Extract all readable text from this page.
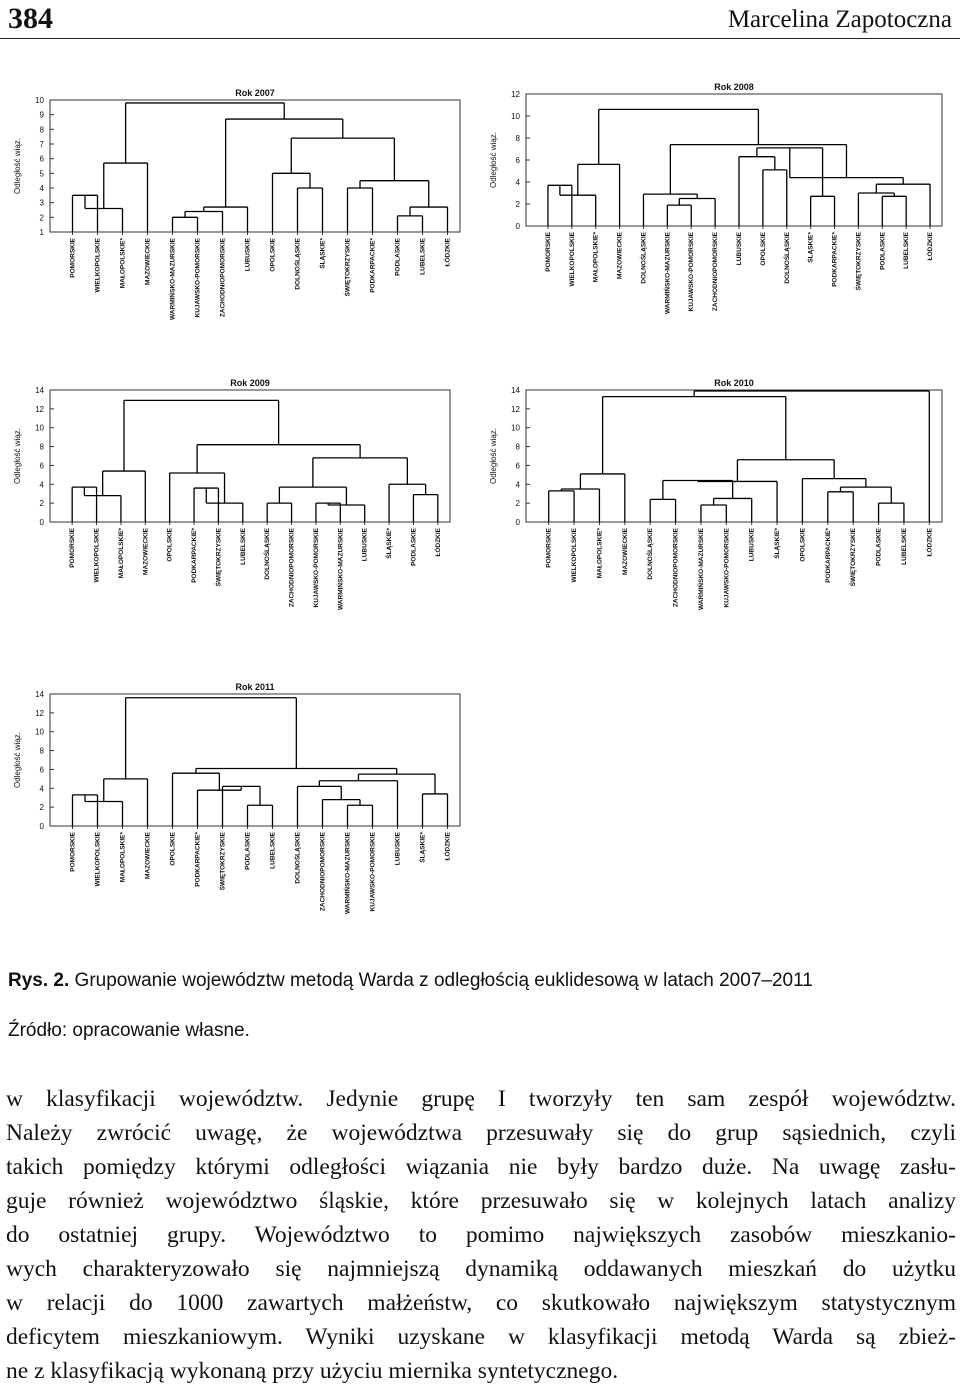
384	Marcelina Zapotoczna
Rok 2007
1
2
3
4
5
6
7
8
9
10
Odległość wiąz.
POMORSKIE	WIELKOPOLSKIE	MAŁOPOLSKIE*	MAZOWIECKIE	WARMIŃSKO-MAZURSKIE	KUJAWSKO-POMORSKIE	ZACHODNIOPOMORSKIE	LUBUSKIE	OPOLSKIE	DOLNOŚLĄSKIE	ŚLĄSKIE*	ŚWIĘTOKRZYSKIE	PODKARPACKIE*	PODLASKIE	LUBELSKIE	ŁÓDZKIE
Rok 2008
0
2
4
6
8
10
12
Odległość wiąz.
POMORSKIE	WIELKOPOLSKIE	MAŁOPOLSKIE*	MAZOWIECKIE	DOLNOŚLĄSKIE	WARMIŃSKO-MAZURSKIE	KUJAWSKO-POMORSKIE	ZACHODNIOPOMORSKIE	LUBUSKIE	OPOLSKIE	DOLNOŚLĄSKIE	ŚLĄSKIE*	PODKARPACKIE*	ŚWIĘTOKRZYSKIE	PODLASKIE	LUBELSKIE	ŁÓDZKIE
Rok 2009
0
2
4
6
8
10
12
14
Odległość wiąz.
POMORSKIE	WIELKOPOLSKIE	MAŁOPOLSKIE*	MAZOWIECKIE	OPOLSKIE	PODKARPACKIE*	ŚWIĘTOKRZYSKIE	LUBELSKIE	DOLNOŚLĄSKIE	ZACHODNIOPOMORSKIE	KUJAWSKO-POMORSKIE	WARMIŃSKO-MAZURSKIE	LUBUSKIE	ŚLĄSKIE*	PODLASKIE	ŁÓDZKIE
Rok 2010
0
2
4
6
8
10
12
14
Odległość wiąz.
POMORSKIE	WIELKOPOLSKIE	MAŁOPOLSKIE*	MAZOWIECKIE	DOLNOŚLĄSKIE	ZACHODNIOPOMORSKIE	WARMIŃSKO-MAZURSKIE	KUJAWSKO-POMORSKIE	LUBUSKIE	ŚLĄSKIE*	OPOLSKIE	PODKARPACKIE*	ŚWIĘTOKRZYSKIE	PODLASKIE	LUBELSKIE	ŁÓDZKIE
Rok 2011
0
2
4
6
8
10
12
14
Odległość wiąz.
POMORSKIE	WIELKOPOLSKIE	MAŁOPOLSKIE*	MAZOWIECKIE	OPOLSKIE	PODKARPACKIE*	ŚWIĘTOKRZYSKIE	PODLASKIE	LUBELSKIE	DOLNOŚLĄSKIE	ZACHODNIOPOMORSKIE	WARMIŃSKO-MAZURSKIE	KUJAWSKO-POMORSKIE	LUBUSKIE	ŚLĄSKIE*	ŁÓDZKIE
Rys. 2. Grupowanie województw metodą Warda z odległością euklidesową w latach 2007–2011
Źródło: opracowanie własne.
w klasyfikacji województw. Jedynie grupę I tworzyły ten sam zespół województw.
Należy zwrócić uwagę, że województwa przesuwały się do grup sąsiednich, czyli
takich pomiędzy którymi odległości wiązania nie były bardzo duże. Na uwagę zasłu-
guje również województwo śląskie, które przesuwało się w kolejnych latach analizy
do ostatniej grupy. Województwo to pomimo największych zasobów mieszkanio-
wych charakteryzowało się najmniejszą dynamiką oddawanych mieszkań do użytku
w relacji do 1000 zawartych małżeństw, co skutkowało największym statystycznym
deficytem mieszkaniowym. Wyniki uzyskane w klasyfikacji metodą Warda są zbież-
ne z klasyfikacją wykonaną przy użyciu miernika syntetycznego.
